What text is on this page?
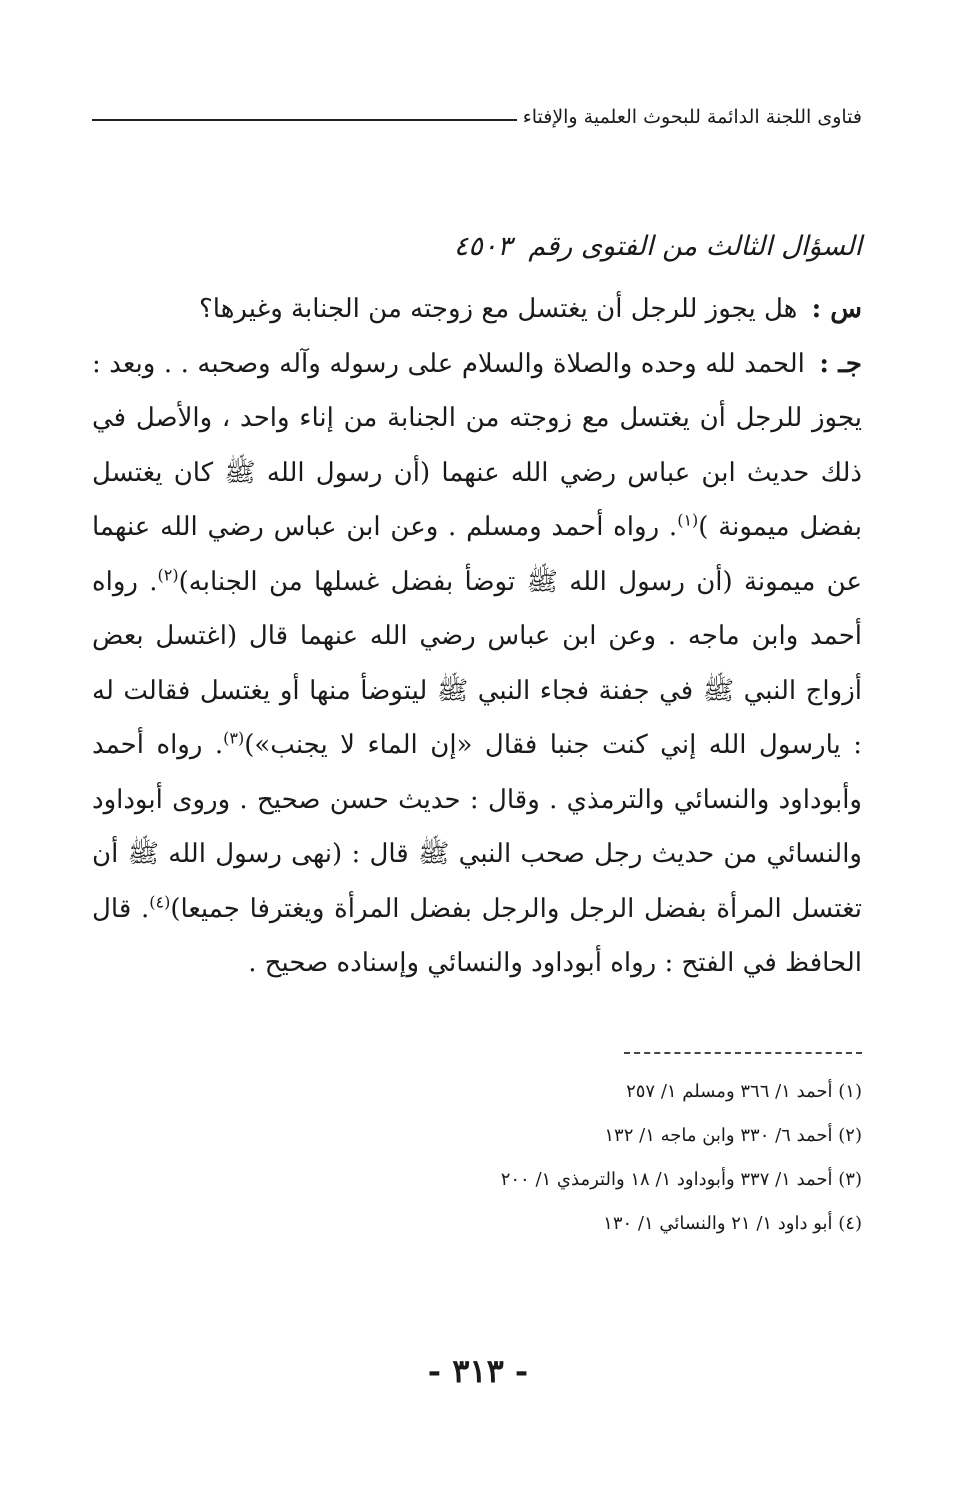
فتاوى اللجنة الدائمة للبحوث العلمية والإفتاء
السؤال الثالث من الفتوى رقم ٤٥٠٣

س : هل يجوز للرجل أن يغتسل مع زوجته من الجنابة وغيرها؟

جـ : الحمد لله وحده والصلاة والسلام على رسوله وآله وصحبه . . وبعد : يجوز للرجل أن يغتسل مع زوجته من الجنابة من إناء واحد ، والأصل في ذلك حديث ابن عباس رضي الله عنهما (أن رسول الله ﷺ كان يغتسل بفضل ميمونة )$^{(١)}$. رواه أحمد ومسلم . وعن ابن عباس رضي الله عنهما عن ميمونة (أن رسول الله ﷺ توضأ بفضل غسلها من الجنابه)$^{(٢)}$. رواه أحمد وابن ماجه . وعن ابن عباس رضي الله عنهما قال (اغتسل بعض أزواج النبي ﷺ في جفنة فجاء النبي ﷺ ليتوضأ منها أو يغتسل فقالت له : يارسول الله إني كنت جنبا فقال «إن الماء لا يجنب»)$^{(٣)}$. رواه أحمد وأبوداود والنسائي والترمذي . وقال : حديث حسن صحيح . وروى أبوداود والنسائي من حديث رجل صحب النبي ﷺ قال : (نهى رسول الله ﷺ أن تغتسل المرأة بفضل الرجل والرجل بفضل المرأة ويغترفا جميعا)$^{(٤)}$. قال الحافظ في الفتح : رواه أبوداود والنسائي وإسناده صحيح .

(١) أحمد ١/ ٣٦٦ ومسلم ١/ ٢٥٧
(٢) أحمد ٦/ ٣٣٠ وابن ماجه ١/ ١٣٢
(٣) أحمد ١/ ٣٣٧ وأبوداود ١/ ١٨ والترمذي ١/ ٢٠٠
(٤) أبو داود ١/ ٢١ والنسائي ١/ ١٣٠
- ٣١٣ -
